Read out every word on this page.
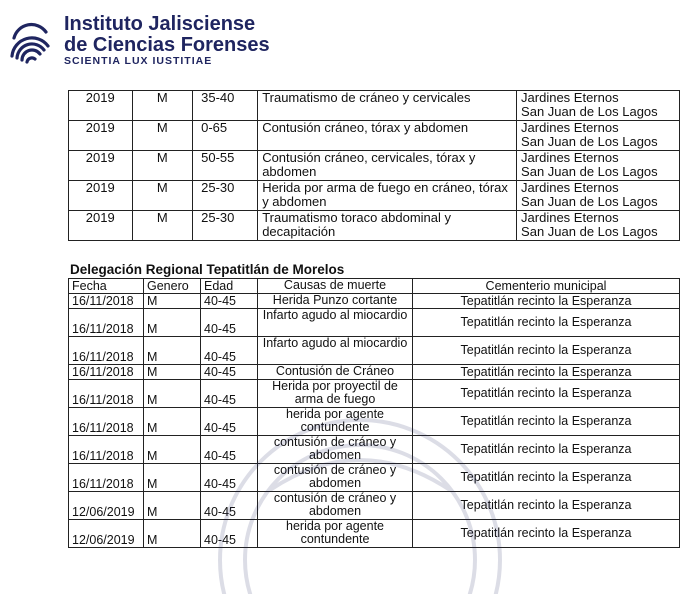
Instituto Jalisciense
de Ciencias Forenses
SCIENTIA LUX IUSTITIAE
2019	M	35-40	Traumatismo de cráneo y cervicales	Jardines Eternos
San Juan de Los Lagos

2019	M	0-65	Contusión cráneo, tórax y abdomen	Jardines Eternos
San Juan de Los Lagos

2019	M	50-55	Contusión cráneo, cervicales, tórax y abdomen	Jardines Eternos
San Juan de Los Lagos

2019	M	25-30	Herida por arma de fuego en cráneo, tórax y abdomen	Jardines Eternos
San Juan de Los Lagos

2019	M	25-30	Traumatismo toraco abdominal y decapitación	Jardines Eternos
San Juan de Los Lagos
Delegación Regional Tepatitlán de Morelos
Fecha	Genero	Edad	Causas de muerte	Cementerio municipal
16/11/2018	M	40-45	Herida Punzo cortante	Tepatitlán recinto la Esperanza
16/11/2018	M	40-45	Infarto agudo al miocardio	Tepatitlán recinto la Esperanza
16/11/2018	M	40-45	Infarto agudo al miocardio	Tepatitlán recinto la Esperanza
16/11/2018	M	40-45	Contusión de Cráneo	Tepatitlán recinto la Esperanza
16/11/2018	M	40-45	Herida por proyectil de arma de fuego	Tepatitlán recinto la Esperanza
16/11/2018	M	40-45	herida por agente contundente	Tepatitlán recinto la Esperanza
16/11/2018	M	40-45	contusión de cráneo y abdomen	Tepatitlán recinto la Esperanza
16/11/2018	M	40-45	contusión de cráneo y abdomen	Tepatitlán recinto la Esperanza
12/06/2019	M	40-45	contusión de cráneo y abdomen	Tepatitlán recinto la Esperanza
12/06/2019	M	40-45	herida por agente contundente	Tepatitlán recinto la Esperanza
